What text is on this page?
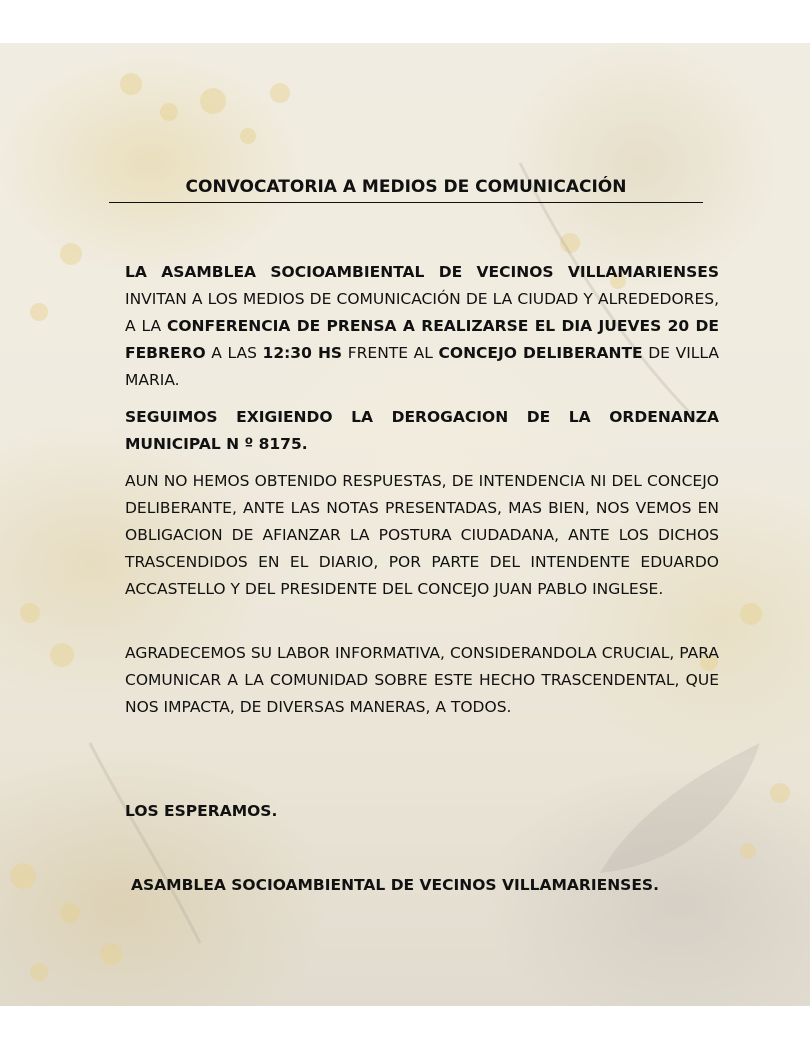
CONVOCATORIA A MEDIOS DE COMUNICACIÓN
LA ASAMBLEA SOCIOAMBIENTAL DE VECINOS VILLAMARIENSES INVITAN A LOS MEDIOS DE COMUNICACIÓN DE LA CIUDAD Y ALREDEDORES, A LA CONFERENCIA DE PRENSA A REALIZARSE EL DIA JUEVES 20 DE FEBRERO A LAS 12:30 HS FRENTE AL CONCEJO DELIBERANTE DE VILLA MARIA.
SEGUIMOS EXIGIENDO LA DEROGACION DE LA ORDENANZA MUNICIPAL N º 8175.
AUN NO HEMOS OBTENIDO RESPUESTAS, DE INTENDENCIA NI DEL CONCEJO DELIBERANTE, ANTE LAS NOTAS PRESENTADAS, MAS BIEN, NOS VEMOS EN OBLIGACION DE AFIANZAR LA POSTURA CIUDADANA, ANTE LOS DICHOS TRASCENDIDOS EN EL DIARIO, POR PARTE DEL INTENDENTE EDUARDO ACCASTELLO Y DEL PRESIDENTE DEL CONCEJO JUAN PABLO INGLESE.
AGRADECEMOS SU LABOR INFORMATIVA, CONSIDERANDOLA CRUCIAL, PARA COMUNICAR A LA COMUNIDAD SOBRE ESTE HECHO TRASCENDENTAL, QUE NOS IMPACTA, DE DIVERSAS MANERAS, A TODOS.
LOS ESPERAMOS.
ASAMBLEA SOCIOAMBIENTAL DE VECINOS VILLAMARIENSES.
